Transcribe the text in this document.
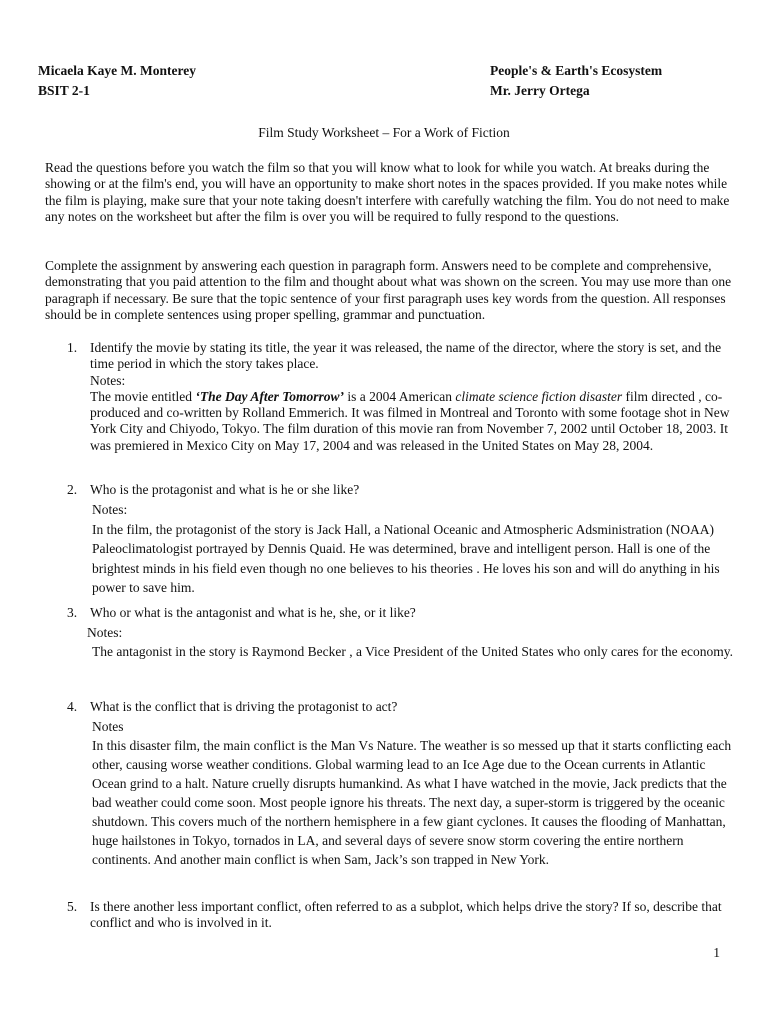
Micaela Kaye M. Monterey
BSIT 2-1
People's & Earth's Ecosystem
Mr. Jerry Ortega
Film Study Worksheet – For a Work of Fiction
Read the questions before you watch the film so that you will know what to look for while you watch. At breaks during the showing or at the film's end, you will have an opportunity to make short notes in the spaces provided. If you make notes while the film is playing, make sure that your note taking doesn't interfere with carefully watching the film. You do not need to make any notes on the worksheet but after the film is over you will be required to fully respond to the questions.
Complete the assignment by answering each question in paragraph form. Answers need to be complete and comprehensive, demonstrating that you paid attention to the film and thought about what was shown on the screen. You may use more than one paragraph if necessary. Be sure that the topic sentence of your first paragraph uses key words from the question. All responses should be in complete sentences using proper spelling, grammar and punctuation.
1. Identify the movie by stating its title, the year it was released, the name of the director, where the story is set, and the time period in which the story takes place.
Notes:
The movie entitled ‘The Day After Tomorrow’ is a 2004 American climate science fiction disaster film directed , co-produced and co-written by Rolland Emmerich. It was filmed in Montreal and Toronto with some footage shot in New York City and Chiyodo, Tokyo. The film duration of this movie ran from November 7, 2002 until October 18, 2003. It was premiered in Mexico City on May 17, 2004 and was released in the United States on May 28, 2004.
2. Who is the protagonist and what is he or she like?
Notes:
In the film, the protagonist of the story is Jack Hall, a National Oceanic and Atmospheric Adsministration (NOAA) Paleoclimatologist portrayed by Dennis Quaid. He was determined, brave and intelligent person. Hall is one of the brightest minds in his field even though no one believes to his theories . He loves his son and will do anything in his power to save him.
3. Who or what is the antagonist and what is he, she, or it like?
Notes:
The antagonist in the story is Raymond Becker , a Vice President of the United States who only cares for the economy.
4. What is the conflict that is driving the protagonist to act?
Notes
In this disaster film, the main conflict is the Man Vs Nature. The weather is so messed up that it starts conflicting each other, causing worse weather conditions. Global warming lead to an Ice Age due to the Ocean currents in Atlantic Ocean grind to a halt. Nature cruelly disrupts humankind. As what I have watched in the movie, Jack predicts that the bad weather could come soon. Most people ignore his threats. The next day, a super-storm is triggered by the oceanic shutdown. This covers much of the northern hemisphere in a few giant cyclones. It causes the flooding of Manhattan, huge hailstones in Tokyo, tornados in LA, and several days of severe snow storm covering the entire northern continents. And another main conflict is when Sam, Jack’s son trapped in New York.
5. Is there another less important conflict, often referred to as a subplot, which helps drive the story? If so, describe that conflict and who is involved in it.
1
